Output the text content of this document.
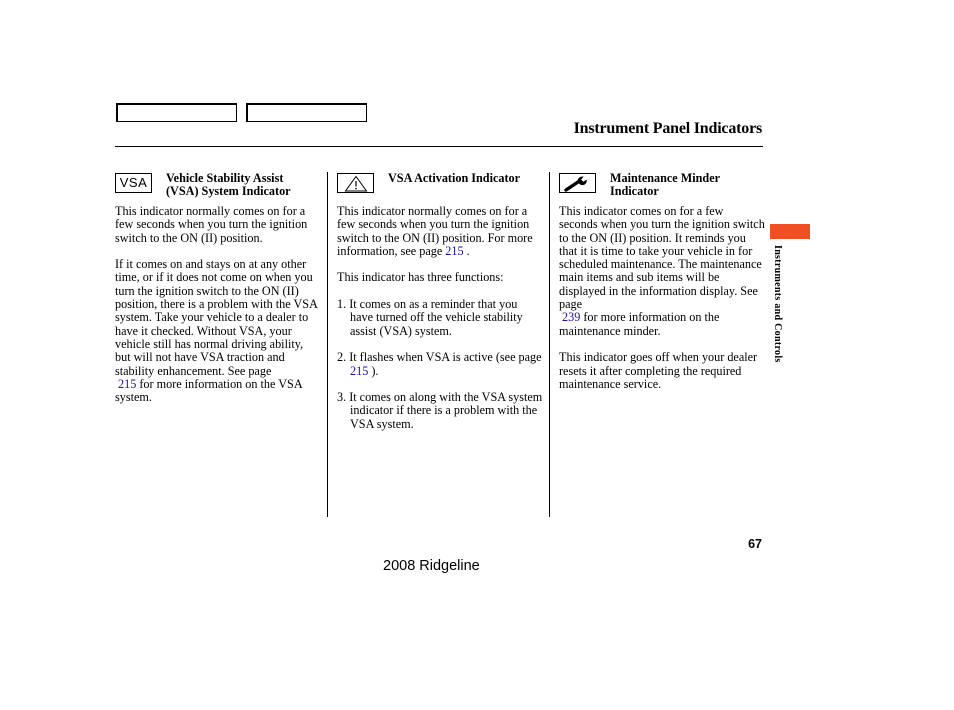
Instrument Panel Indicators
VSA Vehicle Stability Assist
(VSA) System Indicator

This indicator normally comes on for a few seconds when you turn the ignition switch to the ON (II) position.

If it comes on and stays on at any other time, or if it does not come on when you turn the ignition switch to the ON (II) position, there is a problem with the VSA system. Take your vehicle to a dealer to have it checked. Without VSA, your vehicle still has normal driving ability, but will not have VSA traction and stability enhancement. See page
215 for more information on the VSA system.

VSA Activation Indicator

This indicator normally comes on for a few seconds when you turn the ignition switch to the ON (II) position. For more information, see page 215 .

This indicator has three functions:

1. It comes on as a reminder that you have turned off the vehicle stability assist (VSA) system.
2. It flashes when VSA is active (see page 215 ).
3. It comes on along with the VSA system indicator if there is a problem with the VSA system.
Maintenance Minder
Indicator

This indicator comes on for a few seconds when you turn the ignition switch to the ON (II) position. It reminds you that it is time to take your vehicle in for scheduled maintenance. The maintenance main items and sub items will be displayed in the information display. See page
239 for more information on the maintenance minder.

This indicator goes off when your dealer resets it after completing the required maintenance service.

Instruments and Controls
67
2008 Ridgeline
